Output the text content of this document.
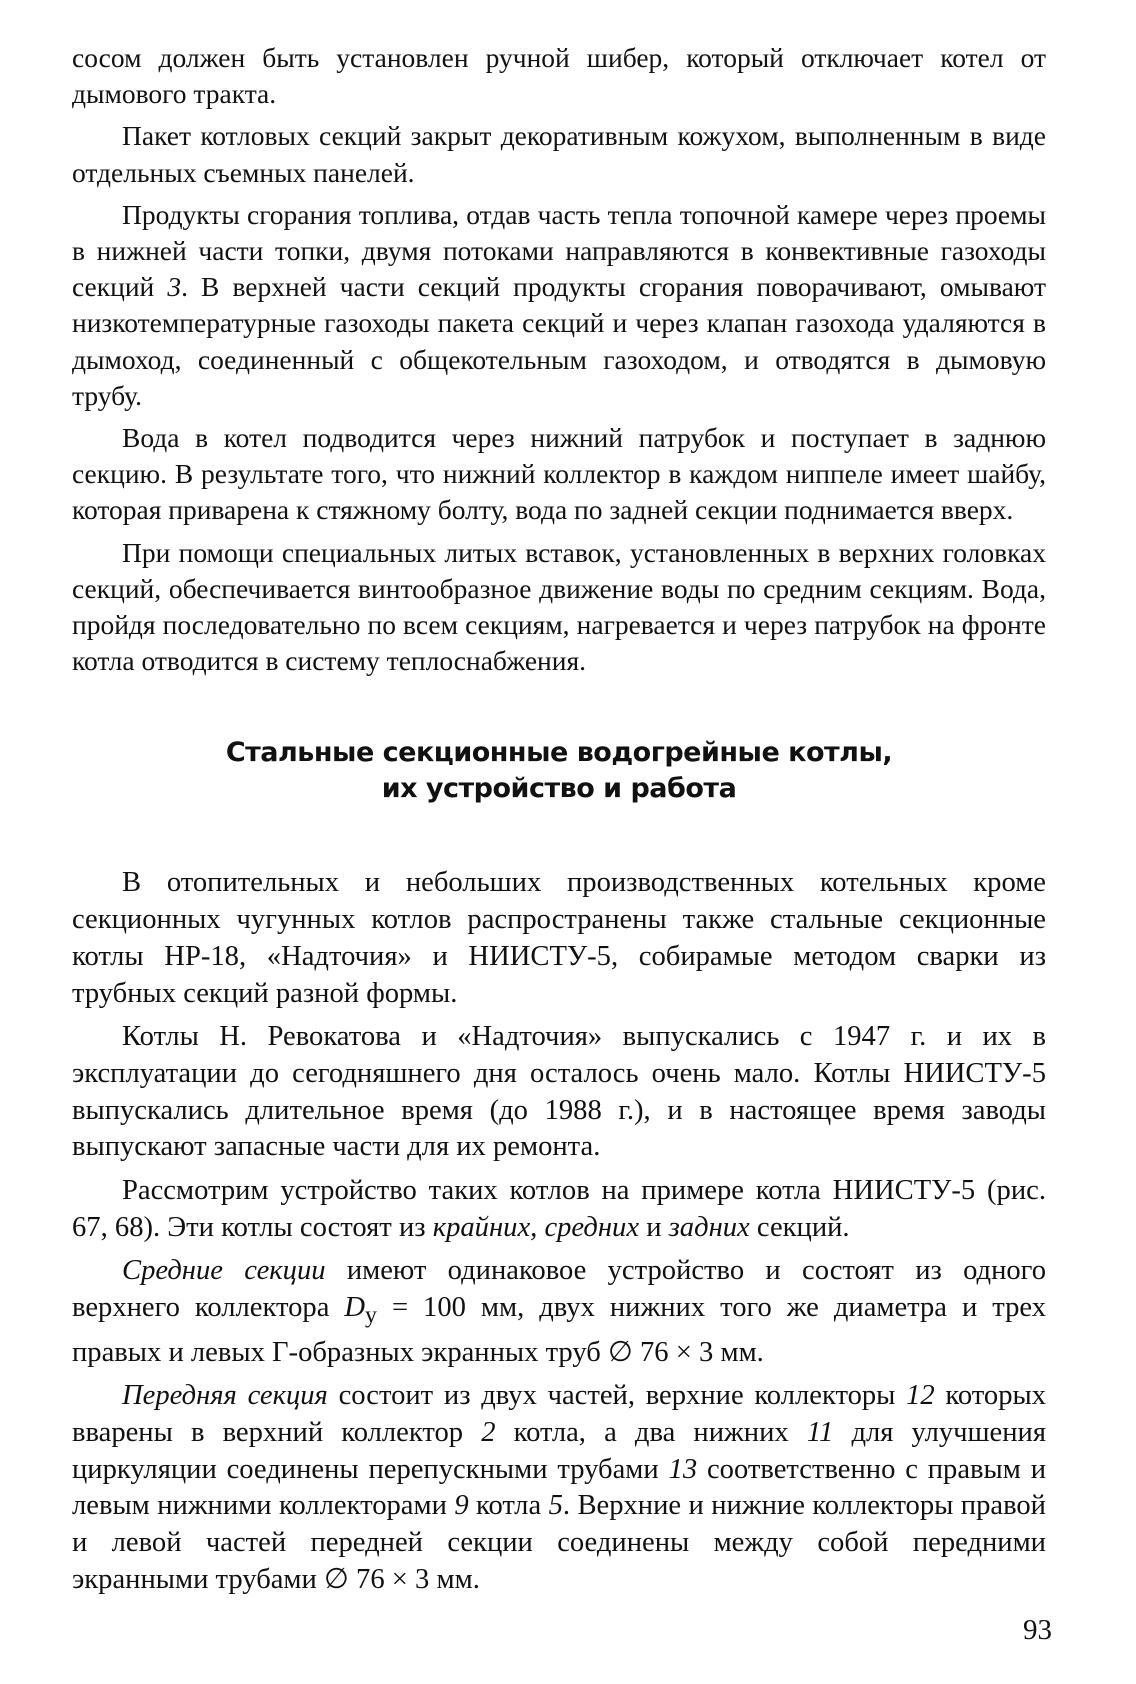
сосом должен быть установлен ручной шибер, который отключает котел от дымового тракта.

Пакет котловых секций закрыт декоративным кожухом, выполненным в виде отдельных съемных панелей.

Продукты сгорания топлива, отдав часть тепла топочной камере через проемы в нижней части топки, двумя потоками направляются в конвективные газоходы секций 3. В верхней части секций продукты сгорания поворачивают, омывают низкотемпературные газоходы пакета секций и через клапан газохода удаляются в дымоход, соединенный с общекотельным газоходом, и отводятся в дымовую трубу.

Вода в котел подводится через нижний патрубок и поступает в заднюю секцию. В результате того, что нижний коллектор в каждом ниппеле имеет шайбу, которая приварена к стяжному болту, вода по задней секции поднимается вверх.

При помощи специальных литых вставок, установленных в верхних головках секций, обеспечивается винтообразное движение воды по средним секциям. Вода, пройдя последовательно по всем секциям, нагревается и через патрубок на фронте котла отводится в систему теплоснабжения.

Стальные секционные водогрейные котлы,
их устройство и работа

В отопительных и небольших производственных котельных кроме секционных чугунных котлов распространены также стальные секционные котлы НР-18, «Надточия» и НИИСТУ-5, собирамые методом сварки из трубных секций разной формы.

Котлы Н. Ревокатова и «Надточия» выпускались с 1947 г. и их в эксплуатации до сегодняшнего дня осталось очень мало. Котлы НИИСТУ-5 выпускались длительное время (до 1988 г.), и в настоящее время заводы выпускают запасные части для их ремонта.

Рассмотрим устройство таких котлов на примере котла НИИСТУ-5 (рис. 67, 68). Эти котлы состоят из крайних, средних и задних секций.

Средние секции имеют одинаковое устройство и состоят из одного верхнего коллектора $D_у = 100$ мм, двух нижних того же диаметра и трех правых и левых Г-образных экранных труб ∅ 76 × 3 мм.

Передняя секция состоит из двух частей, верхние коллекторы 12 которых вварены в верхний коллектор 2 котла, а два нижних 11 для улучшения циркуляции соединены перепускными трубами 13 соответственно с правым и левым нижними коллекторами 9 котла 5. Верхние и нижние коллекторы правой и левой частей передней секции соединены между собой передними экранными трубами ∅ 76 × 3 мм.

93
